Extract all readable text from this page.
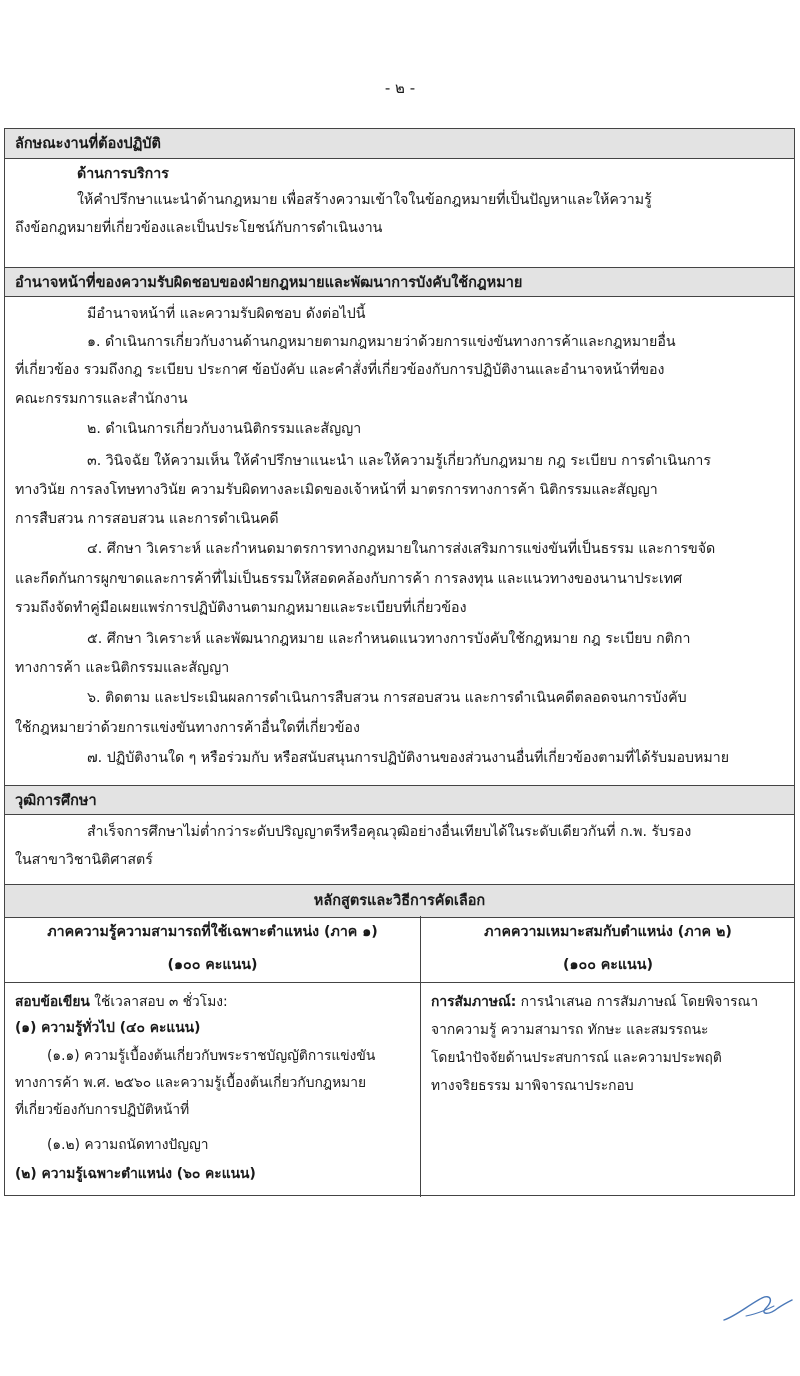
- ๒ -
ลักษณะงานที่ต้องปฏิบัติ
ด้านการบริการ
ให้คำปรึกษาแนะนำด้านกฎหมาย เพื่อสร้างความเข้าใจในข้อกฎหมายที่เป็นปัญหาและให้ความรู้
ถึงข้อกฎหมายที่เกี่ยวข้องและเป็นประโยชน์กับการดำเนินงาน
อำนาจหน้าที่ของความรับผิดชอบของฝ่ายกฎหมายและพัฒนาการบังคับใช้กฎหมาย
มีอำนาจหน้าที่ และความรับผิดชอบ ดังต่อไปนี้
๑. ดำเนินการเกี่ยวกับงานด้านกฎหมายตามกฎหมายว่าด้วยการแข่งขันทางการค้าและกฎหมายอื่น
ที่เกี่ยวข้อง รวมถึงกฎ ระเบียบ ประกาศ ข้อบังคับ และคำสั่งที่เกี่ยวข้องกับการปฏิบัติงานและอำนาจหน้าที่ของ
คณะกรรมการและสำนักงาน
๒. ดำเนินการเกี่ยวกับงานนิติกรรมและสัญญา
๓. วินิจฉัย ให้ความเห็น ให้คำปรึกษาแนะนำ และให้ความรู้เกี่ยวกับกฎหมาย กฎ ระเบียบ การดำเนินการ
ทางวินัย การลงโทษทางวินัย ความรับผิดทางละเมิดของเจ้าหน้าที่ มาตรการทางการค้า นิติกรรมและสัญญา
การสืบสวน การสอบสวน และการดำเนินคดี
๔. ศึกษา วิเคราะห์ และกำหนดมาตรการทางกฎหมายในการส่งเสริมการแข่งขันที่เป็นธรรม และการขจัด
และกีดกันการผูกขาดและการค้าที่ไม่เป็นธรรมให้สอดคล้องกับการค้า การลงทุน และแนวทางของนานาประเทศ
รวมถึงจัดทำคู่มือเผยแพร่การปฏิบัติงานตามกฎหมายและระเบียบที่เกี่ยวข้อง
๕. ศึกษา วิเคราะห์ และพัฒนากฎหมาย และกำหนดแนวทางการบังคับใช้กฎหมาย กฎ ระเบียบ กติกา
ทางการค้า และนิติกรรมและสัญญา
๖. ติดตาม และประเมินผลการดำเนินการสืบสวน การสอบสวน และการดำเนินคดีตลอดจนการบังคับ
ใช้กฎหมายว่าด้วยการแข่งขันทางการค้าอื่นใดที่เกี่ยวข้อง
๗. ปฏิบัติงานใด ๆ หรือร่วมกับ หรือสนับสนุนการปฏิบัติงานของส่วนงานอื่นที่เกี่ยวข้องตามที่ได้รับมอบหมาย
วุฒิการศึกษา
สำเร็จการศึกษาไม่ต่ำกว่าระดับปริญญาตรีหรือคุณวุฒิอย่างอื่นเทียบได้ในระดับเดียวกันที่ ก.พ. รับรอง
ในสาขาวิชานิติศาสตร์
หลักสูตรและวิธีการคัดเลือก
ภาคความรู้ความสามารถที่ใช้เฉพาะตำแหน่ง (ภาค ๑)
(๑๐๐ คะแนน)
ภาคความเหมาะสมกับตำแหน่ง (ภาค ๒)
(๑๐๐ คะแนน)
สอบข้อเขียน ใช้เวลาสอบ ๓ ชั่วโมง:
(๑) ความรู้ทั่วไป (๔๐ คะแนน)
(๑.๑) ความรู้เบื้องต้นเกี่ยวกับพระราชบัญญัติการแข่งขัน
ทางการค้า พ.ศ. ๒๕๖๐ และความรู้เบื้องต้นเกี่ยวกับกฎหมาย
ที่เกี่ยวข้องกับการปฏิบัติหน้าที่
(๑.๒) ความถนัดทางปัญญา
(๒) ความรู้เฉพาะตำแหน่ง (๖๐ คะแนน)
การสัมภาษณ์: การนำเสนอ การสัมภาษณ์ โดยพิจารณา
จากความรู้ ความสามารถ ทักษะ และสมรรถนะ
โดยนำปัจจัยด้านประสบการณ์ และความประพฤติ
ทางจริยธรรม มาพิจารณาประกอบ
